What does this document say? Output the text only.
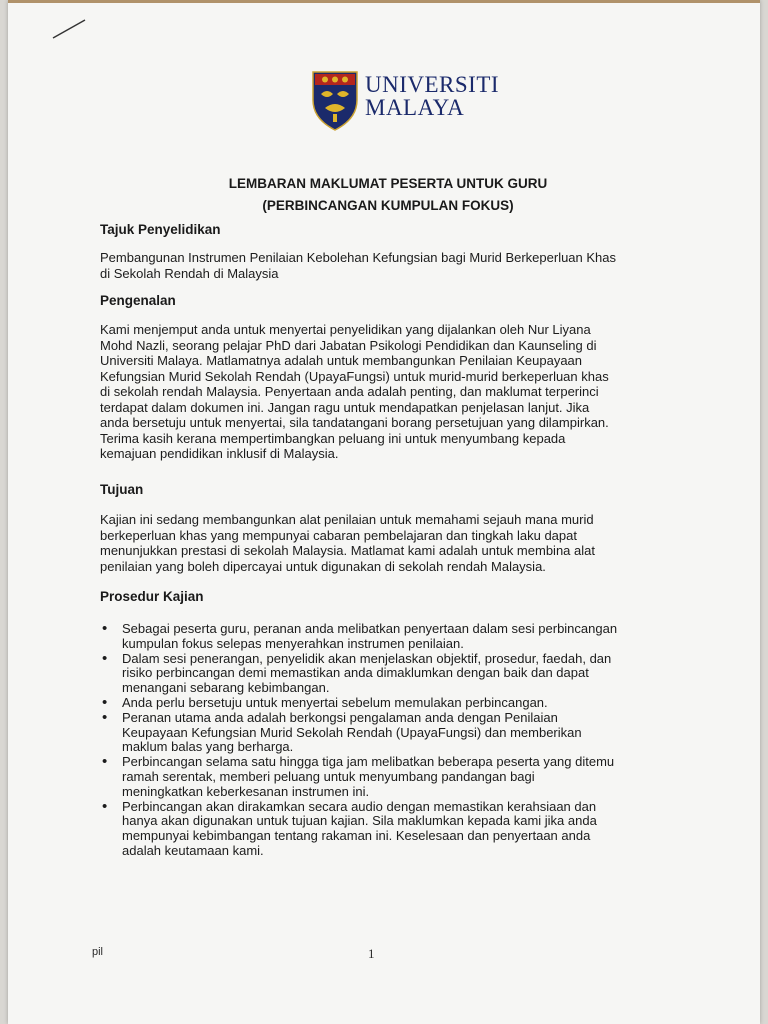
UNIVERSITI
MALAYA
LEMBARAN MAKLUMAT PESERTA UNTUK GURU
(PERBINCANGAN KUMPULAN FOKUS)
Tajuk Penyelidikan
Pembangunan Instrumen Penilaian Kebolehan Kefungsian bagi Murid Berkeperluan Khas
di Sekolah Rendah di Malaysia
Pengenalan
Kami menjemput anda untuk menyertai penyelidikan yang dijalankan oleh Nur Liyana
Mohd Nazli, seorang pelajar PhD dari Jabatan Psikologi Pendidikan dan Kaunseling di
Universiti Malaya. Matlamatnya adalah untuk membangunkan Penilaian Keupayaan
Kefungsian Murid Sekolah Rendah (UpayaFungsi) untuk murid-murid berkeperluan khas
di sekolah rendah Malaysia. Penyertaan anda adalah penting, dan maklumat terperinci
terdapat dalam dokumen ini. Jangan ragu untuk mendapatkan penjelasan lanjut. Jika
anda bersetuju untuk menyertai, sila tandatangani borang persetujuan yang dilampirkan.
Terima kasih kerana mempertimbangkan peluang ini untuk menyumbang kepada
kemajuan pendidikan inklusif di Malaysia.
Tujuan
Kajian ini sedang membangunkan alat penilaian untuk memahami sejauh mana murid
berkeperluan khas yang mempunyai cabaran pembelajaran dan tingkah laku dapat
menunjukkan prestasi di sekolah Malaysia. Matlamat kami adalah untuk membina alat
penilaian yang boleh dipercayai untuk digunakan di sekolah rendah Malaysia.
Prosedur Kajian
• Sebagai peserta guru, peranan anda melibatkan penyertaan dalam sesi perbincangan
kumpulan fokus selepas menyerahkan instrumen penilaian.
• Dalam sesi penerangan, penyelidik akan menjelaskan objektif, prosedur, faedah, dan
risiko perbincangan demi memastikan anda dimaklumkan dengan baik dan dapat
menangani sebarang kebimbangan.
• Anda perlu bersetuju untuk menyertai sebelum memulakan perbincangan.
• Peranan utama anda adalah berkongsi pengalaman anda dengan Penilaian
Keupayaan Kefungsian Murid Sekolah Rendah (UpayaFungsi) dan memberikan
maklum balas yang berharga.
• Perbincangan selama satu hingga tiga jam melibatkan beberapa peserta yang ditemu
ramah serentak, memberi peluang untuk menyumbang pandangan bagi
meningkatkan keberkesanan instrumen ini.
• Perbincangan akan dirakamkan secara audio dengan memastikan kerahsiaan dan
hanya akan digunakan untuk tujuan kajian. Sila maklumkan kepada kami jika anda
mempunyai kebimbangan tentang rakaman ini. Keselesaan dan penyertaan anda
adalah keutamaan kami.
pil	1
